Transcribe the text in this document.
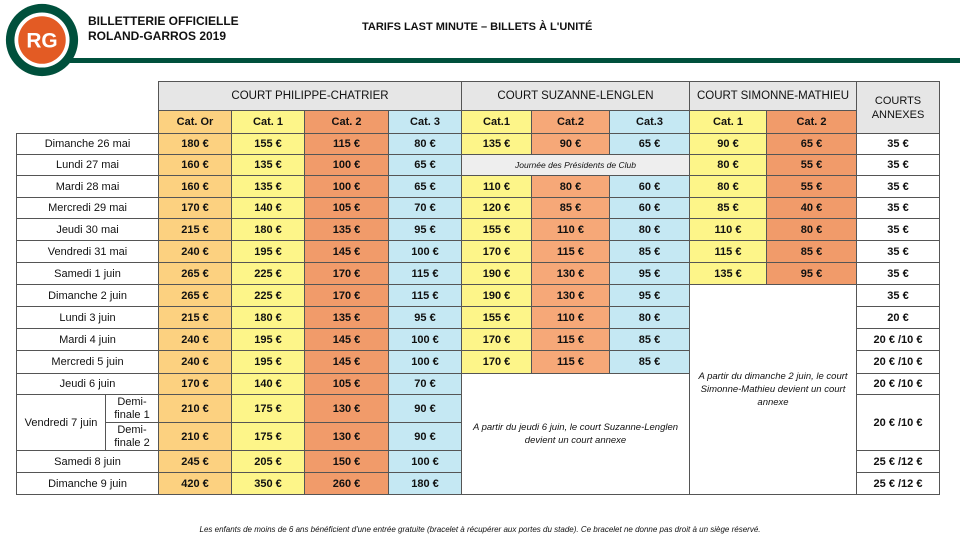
RG
BILLETTERIE OFFICIELLE
ROLAND-GARROS 2019
TARIFS LAST MINUTE – BILLETS À L'UNITÉ
		COURT PHILIPPE-CHATRIER				COURT SUZANNE-LENGLEN			COURT SIMONNE-MATHIEU		COURTS ANNEXES
		Cat. Or	Cat. 1	Cat. 2	Cat. 3	Cat.1	Cat.2	Cat.3	Cat. 1	Cat. 2	
Dimanche 26 mai		180 €	155 €	115 €	80 €	135 €	90 €	65 €	90 €	65 €	35 €
Lundi 27 mai		160 €	135 €	100 €	65 €	Journée des Présidents de Club			80 €	55 €	35 €
Mardi 28 mai		160 €	135 €	100 €	65 €	110 €	80 €	60 €	80 €	55 €	35 €
Mercredi 29 mai		170 €	140 €	105 €	70 €	120 €	85 €	60 €	85 €	40 €	35 €
Jeudi 30 mai		215 €	180 €	135 €	95 €	155 €	110 €	80 €	110 €	80 €	35 €
Vendredi 31 mai		240 €	195 €	145 €	100 €	170 €	115 €	85 €	115 €	85 €	35 €
Samedi 1 juin		265 €	225 €	170 €	115 €	190 €	130 €	95 €	135 €	95 €	35 €
Dimanche 2 juin		265 €	225 €	170 €	115 €	190 €	130 €	95 €	A partir du dimanche 2 juin, le court Simonne-Mathieu devient un court annexe		35 €
Lundi 3 juin		215 €	180 €	135 €	95 €	155 €	110 €	80 €			20 €
Mardi 4 juin		240 €	195 €	145 €	100 €	170 €	115 €	85 €			20 € /10 €
Mercredi 5 juin		240 €	195 €	145 €	100 €	170 €	115 €	85 €			20 € /10 €
Jeudi 6 juin		170 €	140 €	105 €	70 €	A partir du jeudi 6 juin, le court Suzanne-Lenglen devient un court annexe					20 € /10 €
Vendredi 7 juin	Demi-finale 1	210 €	175 €	130 €	90 €						20 € /10 €
	Demi-finale 2	210 €	175 €	130 €	90 €						
Samedi 8 juin		245 €	205 €	150 €	100 €						25 € /12 €
Dimanche 9 juin		420 €	350 €	260 €	180 €						25 € /12 €
Les enfants de moins de 6 ans bénéficient d'une entrée gratuite (bracelet à récupérer aux portes du stade). Ce bracelet ne donne pas droit à un siège réservé.
